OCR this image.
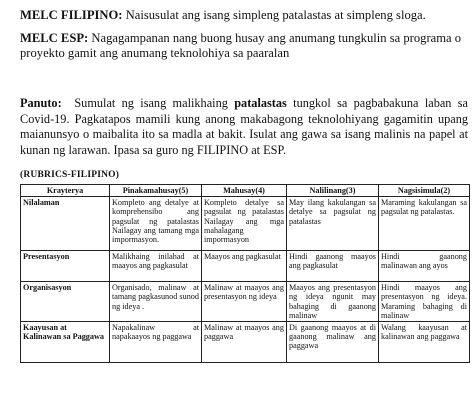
MELC FILIPINO: Naisusulat ang isang simpleng patalastas at simpleng sloga.
MELC ESP: Nagagampanan nang buong husay ang anumang tungkulin sa programa o proyekto gamit ang anumang teknolohiya sa paaralan
Panuto: Sumulat ng isang malikhaing patalastas tungkol sa pagbabakuna laban sa Covid-19. Pagkatapos mamili kung anong makabagong teknolohiyang gagamitin upang maianunsyo o maibalita ito sa madla at bakit. Isulat ang gawa sa isang malinis na papel at kunan ng larawan. Ipasa sa guro ng FILIPINO at ESP.
(RUBRICS-FILIPINO)
Krayterya	Pinakamahusay(5)	Mahusay(4)	Nalilinang(3)	Nagsisimula(2)
Nilalaman	Kompleto ang detalye at komprehensibo ang pagsulat ng patalastas Nailagay ang tamang mga impormasyon.	Kompleto detalye sa pagsulat ng patalastas Nailagay ang mga mahalagang impormasyon	May ilang kakulangan sa detalye sa pagsulat ng patalastas	Maraming kakulangan sa pagsulat ng patalastas.
Presentasyon	Malikhaing inilahad at maayos ang pagkasulat	Maayos ang pagkasulat	Hindi gaanong maayos ang pagkasulat	Hindi gaanong malinawan ang ayos
Organisasyon	Organisado, malinaw at tamang pagkasunod sunod ng ideya .	Malinaw at maayos ang presentasyon ng ideya	Maayos ang presentasyon ng ideya ngunit may bahaging di gaanong malinaw	Hindi maayos ang presentasyon ng ideya. Maraming bahaging di malinaw
Kaayusan at Kalinawan sa Paggawa	Napakalinaw at napakaayos ng paggawa	Malinaw at maayos ang paggawa	Di gaanong maayos at di gaanong malinaw ang paggawa	Walang kaayusan at kalinawan ang paggawa
